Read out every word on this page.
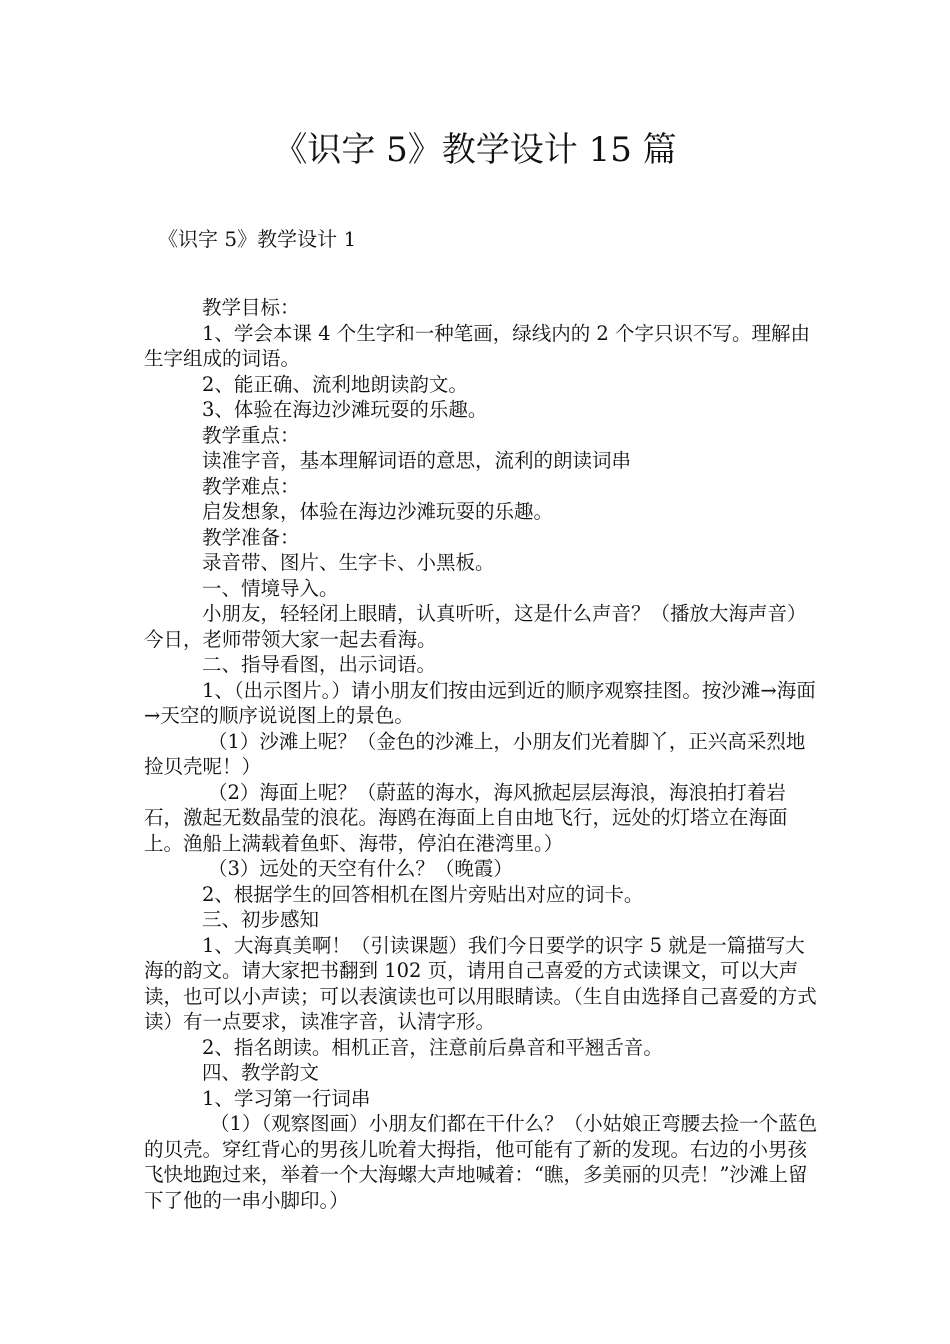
《识字 5》教学设计 15 篇
《识字 5》教学设计 1

教学目标：

1、学会本课 4 个生字和一种笔画，绿线内的 2 个字只识不写。理解由生字组成的词语。

2、能正确、流利地朗读韵文。

3、体验在海边沙滩玩耍的乐趣。

教学重点：

读准字音，基本理解词语的意思，流利的朗读词串

教学难点：

启发想象，体验在海边沙滩玩耍的乐趣。

教学准备：

录音带、图片、生字卡、小黑板。

一、情境导入。

小朋友，轻轻闭上眼睛，认真听听，这是什么声音？（播放大海声音）今日，老师带领大家一起去看海。

二、指导看图，出示词语。

1、（出示图片。）请小朋友们按由远到近的顺序观察挂图。按沙滩→海面→天空的顺序说说图上的景色。

（1）沙滩上呢？（金色的沙滩上，小朋友们光着脚丫，正兴高采烈地捡贝壳呢！）

（2）海面上呢？（蔚蓝的海水，海风掀起层层海浪，海浪拍打着岩石，激起无数晶莹的浪花。海鸥在海面上自由地飞行，远处的灯塔立在海面上。渔船上满载着鱼虾、海带，停泊在港湾里。）

（3）远处的天空有什么？（晚霞）

2、根据学生的回答相机在图片旁贴出对应的词卡。

三、初步感知

1、大海真美啊！（引读课题）我们今日要学的识字 5 就是一篇描写大海的韵文。请大家把书翻到 102 页，请用自己喜爱的方式读课文，可以大声读，也可以小声读；可以表演读也可以用眼睛读。（生自由选择自己喜爱的方式读）有一点要求，读准字音，认清字形。

2、指名朗读。相机正音，注意前后鼻音和平翘舌音。

四、教学韵文

1、学习第一行词串

（1）（观察图画）小朋友们都在干什么？（小姑娘正弯腰去捡一个蓝色的贝壳。穿红背心的男孩儿吮着大拇指，他可能有了新的发现。右边的小男孩飞快地跑过来，举着一个大海螺大声地喊着：“瞧，多美丽的贝壳！”沙滩上留下了他的一串小脚印。）
